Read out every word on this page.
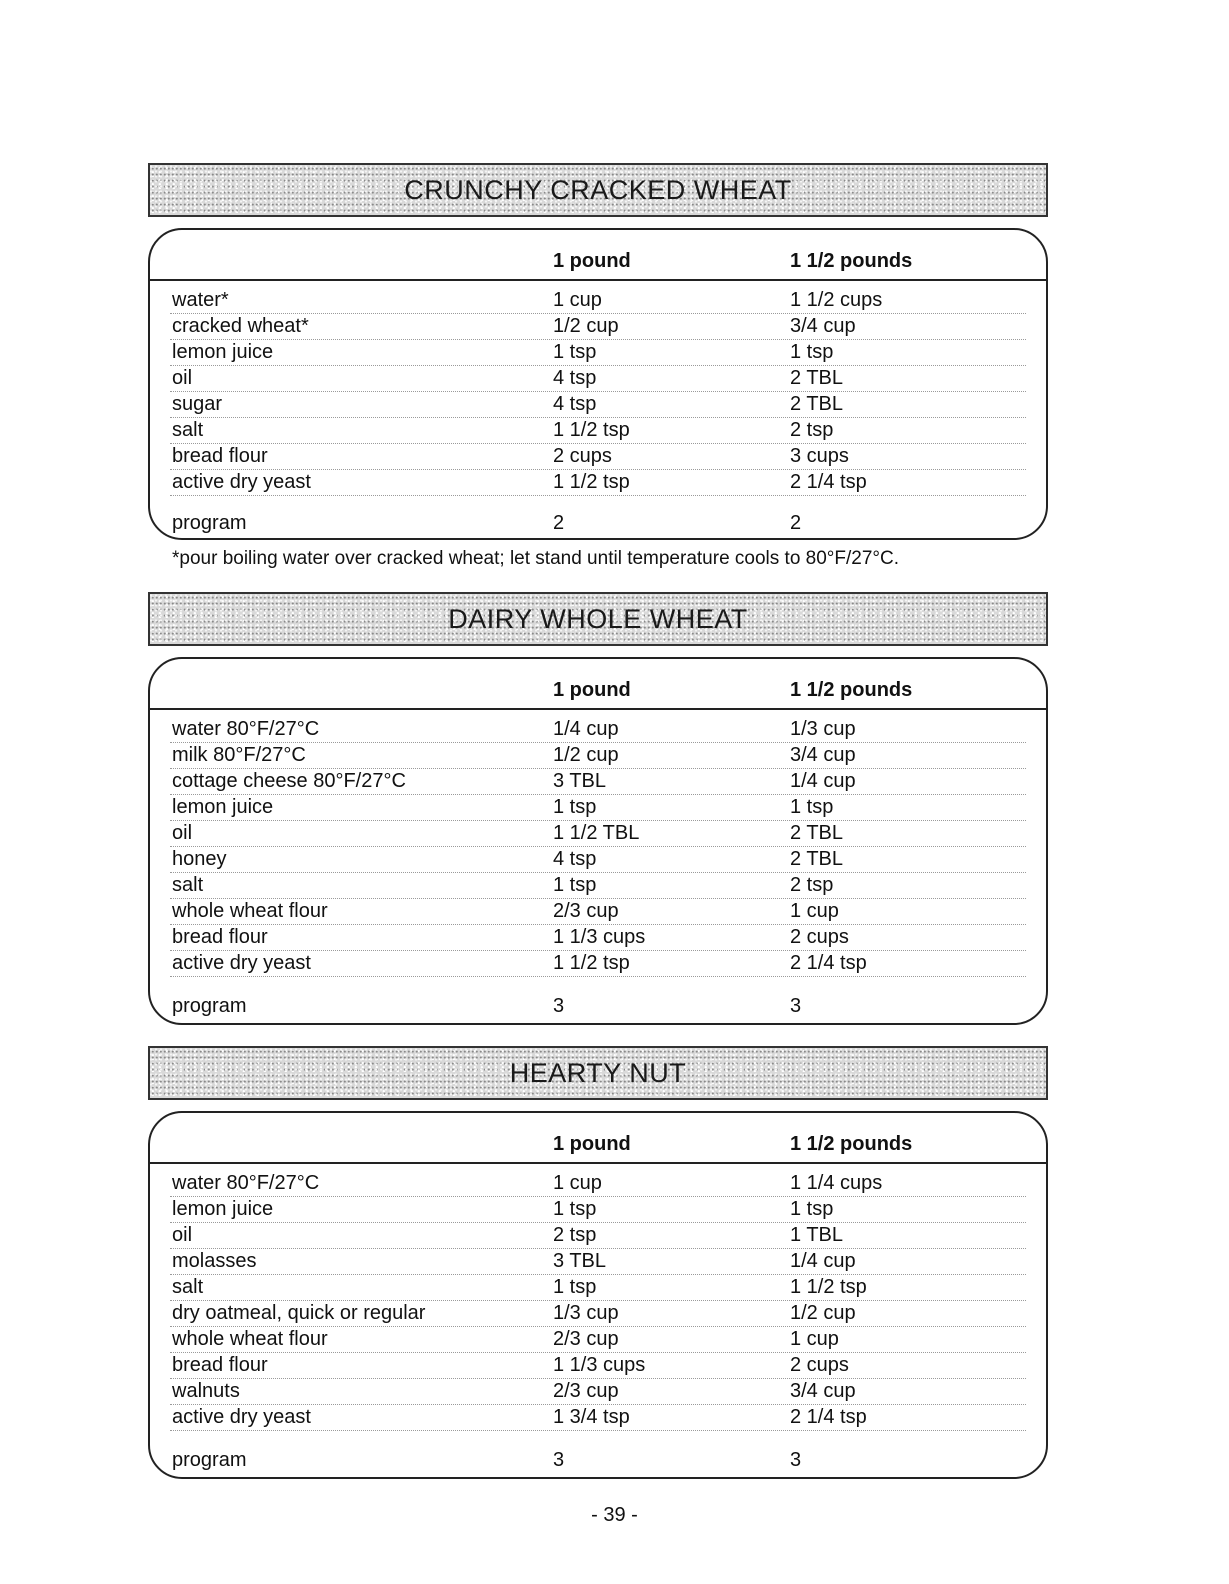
CRUNCHY CRACKED WHEAT
1 pound	1 1/2 pounds
water*	1 cup	1 1/2 cups
cracked wheat*	1/2 cup	3/4 cup
lemon juice	1 tsp	1 tsp
oil	4 tsp	2 TBL
sugar	4 tsp	2 TBL
salt	1 1/2 tsp	2 tsp
bread flour	2 cups	3 cups
active dry yeast	1 1/2 tsp	2 1/4 tsp
program	2	2
*pour boiling water over cracked wheat; let stand until temperature cools to 80°F/27°C.
DAIRY WHOLE WHEAT
1 pound	1 1/2 pounds
water 80°F/27°C	1/4 cup	1/3 cup
milk 80°F/27°C	1/2 cup	3/4 cup
cottage cheese 80°F/27°C	3 TBL	1/4 cup
lemon juice	1 tsp	1 tsp
oil	1 1/2 TBL	2 TBL
honey	4 tsp	2 TBL
salt	1 tsp	2 tsp
whole wheat flour	2/3 cup	1 cup
bread flour	1 1/3 cups	2 cups
active dry yeast	1 1/2 tsp	2 1/4 tsp
program	3	3
HEARTY NUT
1 pound	1 1/2 pounds
water 80°F/27°C	1 cup	1 1/4 cups
lemon juice	1 tsp	1 tsp
oil	2 tsp	1 TBL
molasses	3 TBL	1/4 cup
salt	1 tsp	1 1/2 tsp
dry oatmeal, quick or regular	1/3 cup	1/2 cup
whole wheat flour	2/3 cup	1 cup
bread flour	1 1/3 cups	2 cups
walnuts	2/3 cup	3/4 cup
active dry yeast	1 3/4 tsp	2 1/4 tsp
program	3	3
- 39 -
